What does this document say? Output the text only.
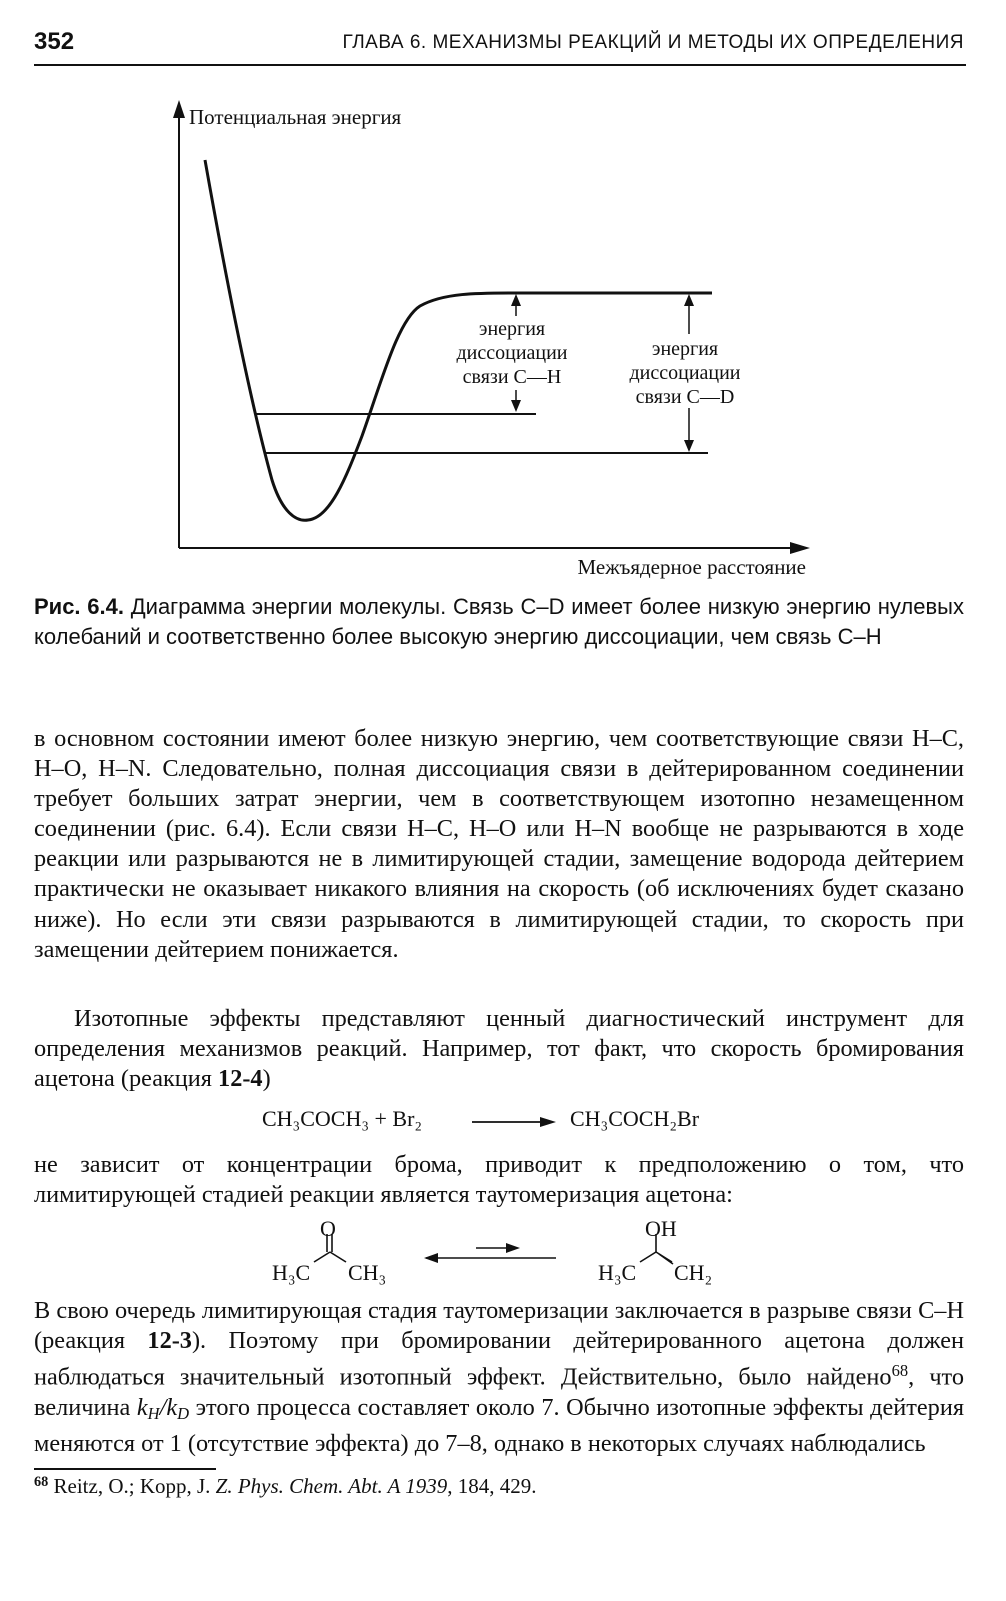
352	ГЛАВА 6. МЕХАНИЗМЫ РЕАКЦИЙ И МЕТОДЫ ИХ ОПРЕДЕЛЕНИЯ
Потенциальная энергия
Межъядерное расстояние
энергия
диссоциации
связи С—Н
энергия
диссоциации
связи С—D
Рис. 6.4. Диаграмма энергии молекулы. Связь C–D имеет более низкую энергию нулевых колебаний и соответственно более высокую энергию диссоциации, чем связь C–H
в основном состоянии имеют более низкую энергию, чем соответствующие связи H–C, H–O, H–N. Следовательно, полная диссоциация связи в дейтерированном соединении требует больших затрат энергии, чем в соответствующем изотопно незамещенном соединении (рис. 6.4). Если связи H–C, H–O или H–N вообще не разрываются в ходе реакции или разрываются не в лимитирующей стадии, замещение водорода дейтерием практически не оказывает никакого влияния на скорость (об исключениях будет сказано ниже). Но если эти связи разрываются в лимитирующей стадии, то скорость при замещении дейтерием понижается.
Изотопные эффекты представляют ценный диагностический инструмент для определения механизмов реакций. Например, тот факт, что скорость бромирования ацетона (реакция 12-4)
CH₃COCH₃ + Br₂	CH₃COCH₂Br
не зависит от концентрации брома, приводит к предположению о том, что лимитирующей стадией реакции является таутомеризация ацетона:
O
H₃C CH₃
OH
H₃C CH₂
В свою очередь лимитирующая стадия таутомеризации заключается в разрыве связи C–H (реакция 12-3). Поэтому при бромировании дейтерированного ацетона должен наблюдаться значительный изотопный эффект. Действительно, было найдено$^{68}$, что величина $k_H/k_D$ этого процесса составляет около 7. Обычно изотопные эффекты дейтерия меняются от 1 (отсутствие эффекта) до 7–8, однако в некоторых случаях наблюдались
$^{68}$ Reitz, O.; Kopp, J. Z. Phys. Chem. Abt. A 1939, 184, 429.
